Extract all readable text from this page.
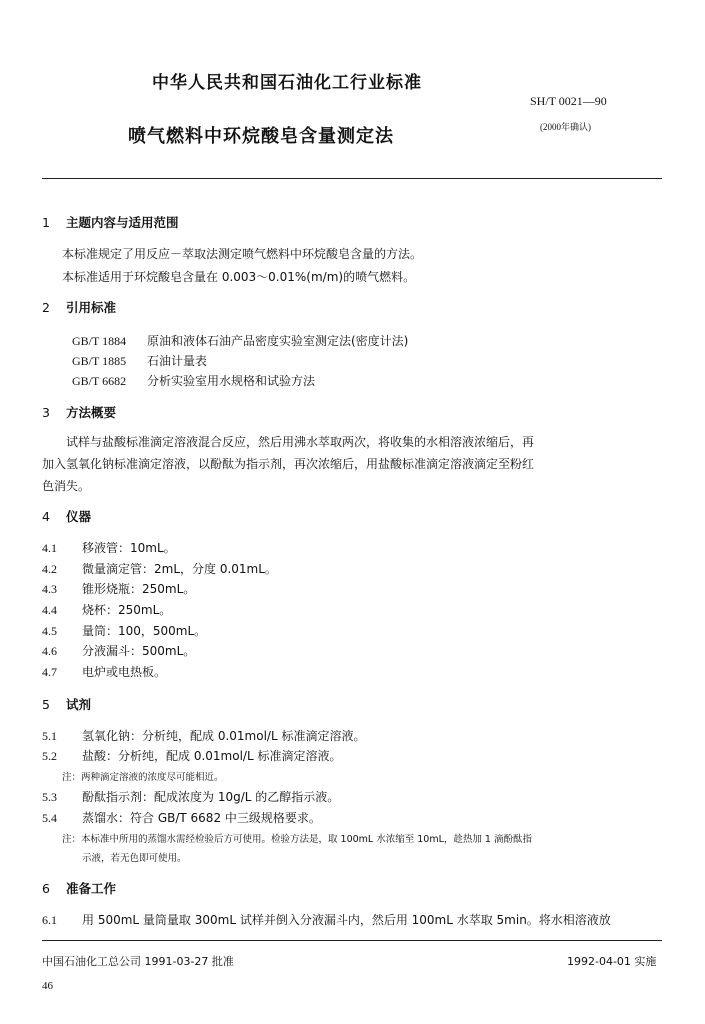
中华人民共和国石油化工行业标准
SH/T 0021—90
喷气燃料中环烷酸皂含量测定法	(2000年确认)
1 主题内容与适用范围
本标准规定了用反应－萃取法测定喷气燃料中环烷酸皂含量的方法。
本标准适用于环烷酸皂含量在 0.003～0.01%(m/m)的喷气燃料。
2 引用标准
GB/T 1884 原油和液体石油产品密度实验室测定法(密度计法)
GB/T 1885 石油计量表
GB/T 6682 分析实验室用水规格和试验方法
3 方法概要
　　试样与盐酸标准滴定溶液混合反应，然后用沸水萃取两次，将收集的水相溶液浓缩后，再
加入氢氧化钠标准滴定溶液，以酚酞为指示剂，再次浓缩后，用盐酸标准滴定溶液滴定至粉红
色消失。
4 仪器
4.1 移液管：10mL。
4.2 微量滴定管：2mL，分度 0.01mL。
4.3 锥形烧瓶：250mL。
4.4 烧杯：250mL。
4.5 量筒：100，500mL。
4.6 分液漏斗：500mL。
4.7 电炉或电热板。
5 试剂
5.1 氢氧化钠：分析纯，配成 0.01mol/L 标准滴定溶液。
5.2 盐酸：分析纯，配成 0.01mol/L 标准滴定溶液。
注：两种滴定溶液的浓度尽可能相近。
5.3 酚酞指示剂：配成浓度为 10g/L 的乙醇指示液。
5.4 蒸馏水：符合 GB/T 6682 中三级规格要求。
注：本标准中所用的蒸馏水需经检验后方可使用。检验方法是，取 100mL 水浓缩至 10mL，趁热加 1 滴酚酞指
示液，若无色即可使用。
6 准备工作
6.1 用 500mL 量筒量取 300mL 试样并倒入分液漏斗内，然后用 100mL 水萃取 5min。将水相溶液放
中国石油化工总公司 1991-03-27 批准	1992-04-01 实施
46
